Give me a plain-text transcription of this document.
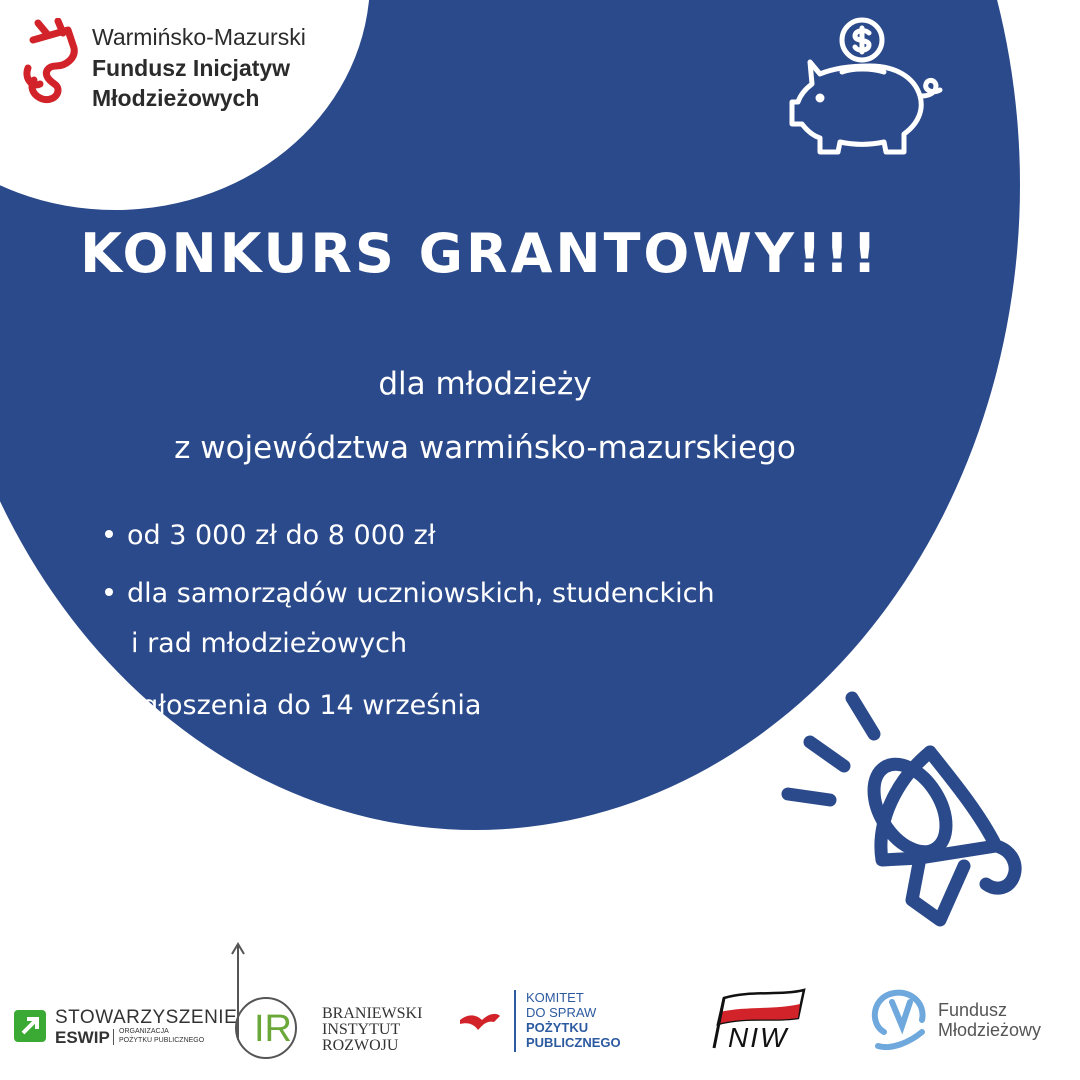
Warmińsko-Mazurski
Fundusz Inicjatyw
Młodzieżowych
KONKURS GRANTOWY!!!
dla młodzieży
z województwa warmińsko-mazurskiego
od 3 000 zł do 8 000 zł
dla samorządów uczniowskich, studenckich
i rad młodzieżowych
zgłoszenia do 14 września
STOWARZYSZENIE
ESWIP ORGANIZACJA
POŻYTKU PUBLICZNEGO IR BRANIEWSKI
INSTYTUT
ROZWOJU
KOMITET
DO SPRAW
POŻYTKU
PUBLICZNEGO	NIW
Fundusz
Młodzieżowy
